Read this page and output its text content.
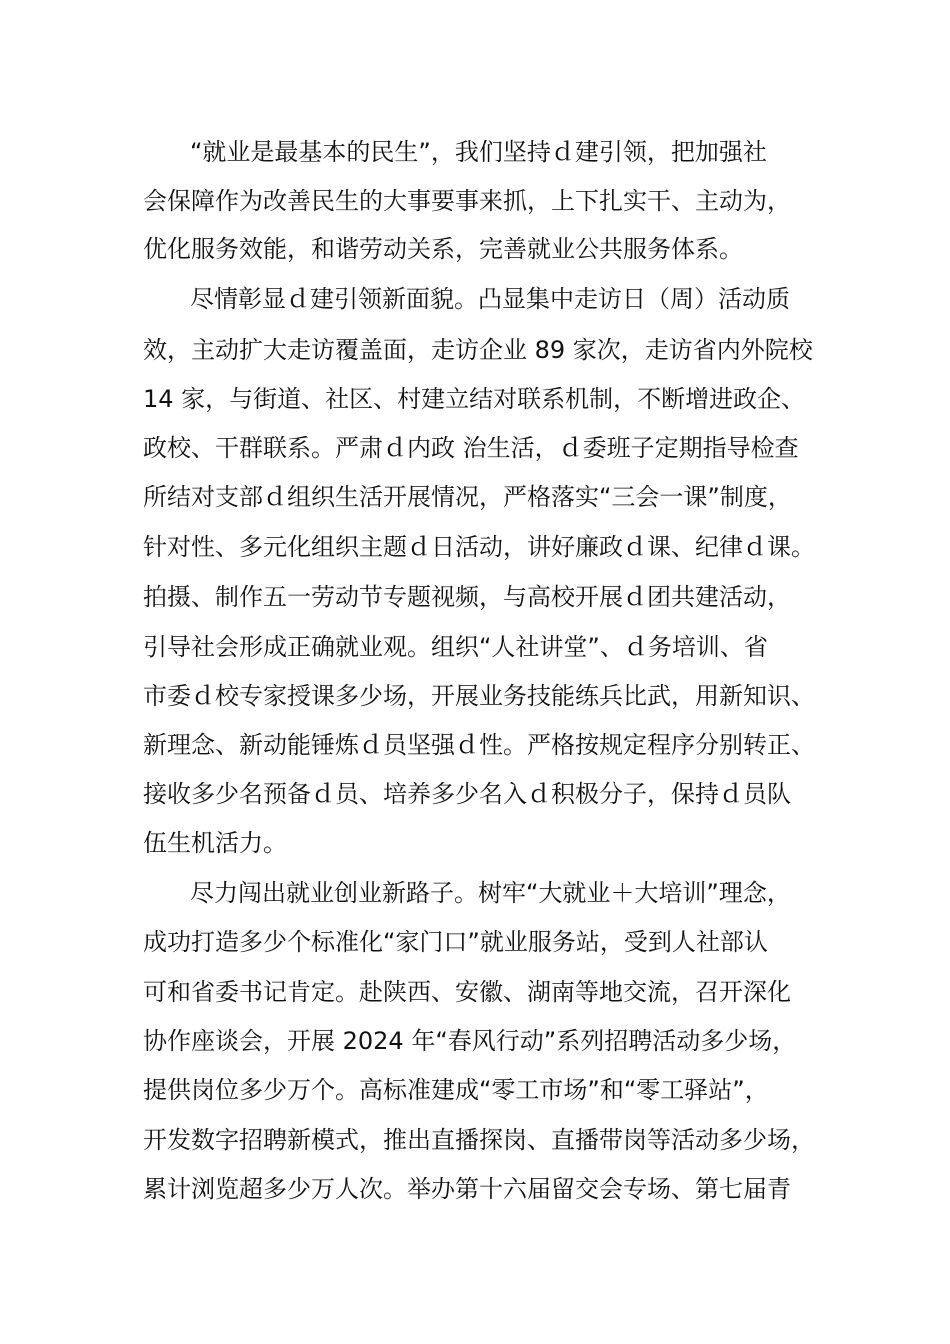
“就业是最基本的民生”，我们坚持ｄ建引领，把加强社
会保障作为改善民生的大事要事来抓，上下扎实干、主动为，
优化服务效能，和谐劳动关系，完善就业公共服务体系。
尽情彰显ｄ建引领新面貌。凸显集中走访日（周）活动质
效，主动扩大走访覆盖面，走访企业 89 家次，走访省内外院校
14 家，与街道、社区、村建立结对联系机制，不断增进政企、
政校、干群联系。严肃ｄ内政 治生活，ｄ委班子定期指导检查
所结对支部ｄ组织生活开展情况，严格落实“三会一课”制度，
针对性、多元化组织主题ｄ日活动，讲好廉政ｄ课、纪律ｄ课。
拍摄、制作五一劳动节专题视频，与高校开展ｄ团共建活动，
引导社会形成正确就业观。组织“人社讲堂”、ｄ务培训、省
市委ｄ校专家授课多少场，开展业务技能练兵比武，用新知识、
新理念、新动能锤炼ｄ员坚强ｄ性。严格按规定程序分别转正、
接收多少名预备ｄ员、培养多少名入ｄ积极分子，保持ｄ员队
伍生机活力。
尽力闯出就业创业新路子。树牢“大就业＋大培训”理念，
成功打造多少个标准化“家门口”就业服务站，受到人社部认
可和省委书记肯定。赴陕西、安徽、湖南等地交流，召开深化
协作座谈会，开展 2024 年“春风行动”系列招聘活动多少场，
提供岗位多少万个。高标准建成“零工市场”和“零工驿站”，
开发数字招聘新模式，推出直播探岗、直播带岗等活动多少场，
累计浏览超多少万人次。举办第十六届留交会专场、第七届青
